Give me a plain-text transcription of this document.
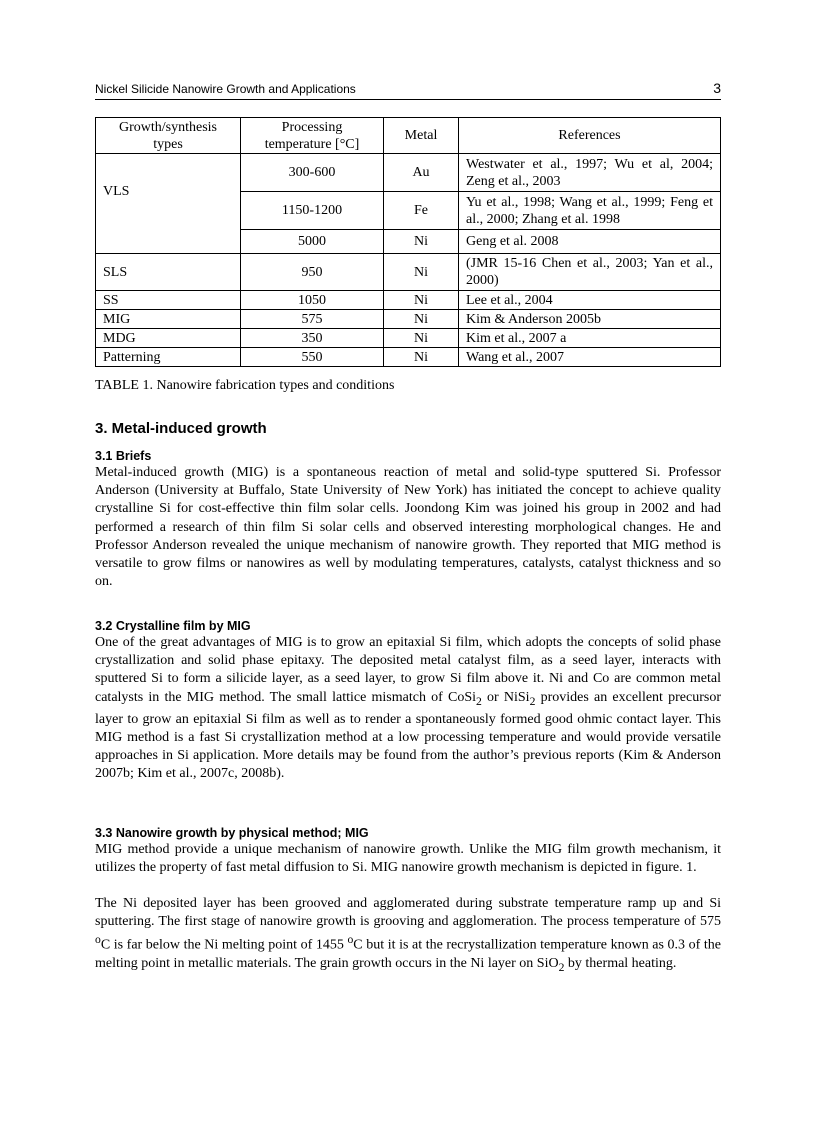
Nickel Silicide Nanowire Growth and Applications	3
Growth/synthesis types	Processing temperature [°C]	Metal	References
VLS	300-600	Au	Westwater et al., 1997; Wu et al, 2004; Zeng et al., 2003
	1150-1200	Fe	Yu et al., 1998; Wang et al., 1999; Feng et al., 2000; Zhang et al. 1998
	5000	Ni	Geng et al. 2008
SLS	950	Ni	(JMR 15-16 Chen et al., 2003; Yan et al., 2000)
SS	1050	Ni	Lee et al., 2004
MIG	575	Ni	Kim & Anderson 2005b
MDG	350	Ni	Kim et al., 2007 a
Patterning	550	Ni	Wang et al., 2007
TABLE 1. Nanowire fabrication types and conditions
3. Metal-induced growth
3.1 Briefs
Metal-induced growth (MIG) is a spontaneous reaction of metal and solid-type sputtered Si. Professor Anderson (University at Buffalo, State University of New York) has initiated the concept to achieve quality crystalline Si for cost-effective thin film solar cells. Joondong Kim was joined his group in 2002 and had performed a research of thin film Si solar cells and observed interesting morphological changes. He and Professor Anderson revealed the unique mechanism of nanowire growth. They reported that MIG method is versatile to grow films or nanowires as well by modulating temperatures, catalysts, catalyst thickness and so on.
3.2 Crystalline film by MIG
One of the great advantages of MIG is to grow an epitaxial Si film, which adopts the concepts of solid phase crystallization and solid phase epitaxy. The deposited metal catalyst film, as a seed layer, interacts with sputtered Si to form a silicide layer, as a seed layer, to grow Si film above it. Ni and Co are common metal catalysts in the MIG method. The small lattice mismatch of CoSi$_2$ or NiSi$_2$ provides an excellent precursor layer to grow an epitaxial Si film as well as to render a spontaneously formed good ohmic contact layer. This MIG method is a fast Si crystallization method at a low processing temperature and would provide versatile approaches in Si application. More details may be found from the author’s previous reports (Kim & Anderson 2007b; Kim et al., 2007c, 2008b).
3.3 Nanowire growth by physical method; MIG
MIG method provide a unique mechanism of nanowire growth. Unlike the MIG film growth mechanism, it utilizes the property of fast metal diffusion to Si. MIG nanowire growth mechanism is depicted in figure. 1.
The Ni deposited layer has been grooved and agglomerated during substrate temperature ramp up and Si sputtering. The first stage of nanowire growth is grooving and agglomeration. The process temperature of 575 $^o$C is far below the Ni melting point of 1455 $^o$C but it is at the recrystallization temperature known as 0.3 of the melting point in metallic materials. The grain growth occurs in the Ni layer on SiO$_2$ by thermal heating.
